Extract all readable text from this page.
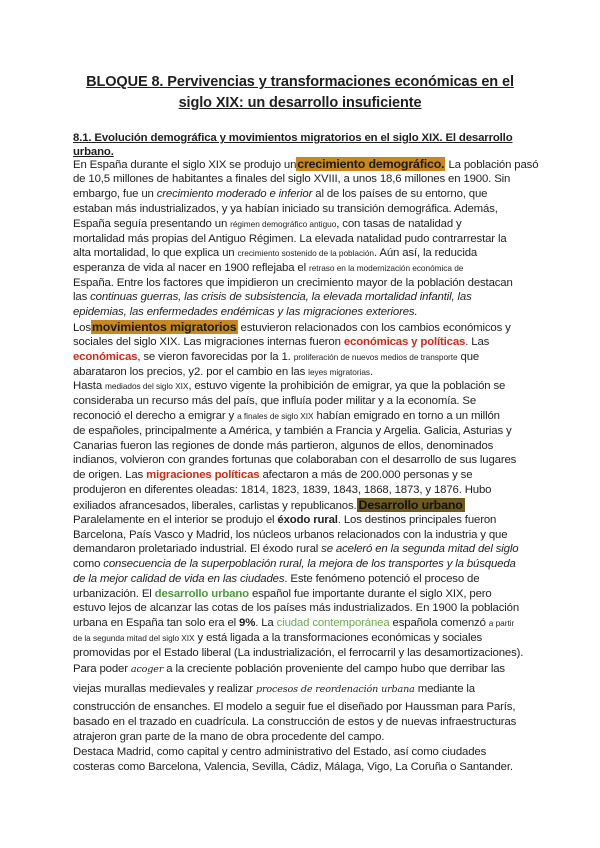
BLOQUE 8. Pervivencias y transformaciones económicas en el
siglo XIX: un desarrollo insuficiente
8.1. Evolución demográfica y movimientos migratorios en el siglo XIX. El desarrollo
urbano.
En España durante el siglo XIX se produjo uncrecimiento demográfico. La población pasó
de 10,5 millones de habitantes a finales del siglo XVIII, a unos 18,6 millones en 1900. Sin
embargo, fue un crecimiento moderado e inferior al de los países de su entorno, que
estaban más industrializados, y ya habían iniciado su transición demográfica. Además,
España seguía presentando un régimen demográfico antiguo, con tasas de natalidad y
mortalidad más propias del Antiguo Régimen. La elevada natalidad pudo contrarrestar la
alta mortalidad, lo que explica un crecimiento sostenido de la población. Aún así, la reducida
esperanza de vida al nacer en 1900 reflejaba el retraso en la modernización económica de
España. Entre los factores que impidieron un crecimiento mayor de la población destacan
las continuas guerras, las crisis de subsistencia, la elevada mortalidad infantil, las
epidemias, las enfermedades endémicas y las migraciones exteriores.
Losmovimientos migratorios estuvieron relacionados con los cambios económicos y
sociales del siglo XIX. Las migraciones internas fueron económicas y políticas. Las
económicas, se vieron favorecidas por la 1. proliferación de nuevos medios de transporte que
abarataron los precios, y2. por el cambio en las leyes migratorias.
Hasta mediados del siglo XIX, estuvo vigente la prohibición de emigrar, ya que la población se
consideraba un recurso más del país, que influía poder militar y a la economía. Se
reconoció el derecho a emigrar y a finales de siglo XIX habían emigrado en torno a un millón
de españoles, principalmente a América, y también a Francia y Argelia. Galicia, Asturias y
Canarias fueron las regiones de donde más partieron, algunos de ellos, denominados
indianos, volvieron con grandes fortunas que colaboraban con el desarrollo de sus lugares
de origen. Las migraciones políticas afectaron a más de 200.000 personas y se
produjeron en diferentes oleadas: 1814, 1823, 1839, 1843, 1868, 1873, y 1876. Hubo
exiliados afrancesados, liberales, carlistas y republicanos. Desarrollo urbano
Paralelamente en el interior se produjo el éxodo rural. Los destinos principales fueron
Barcelona, País Vasco y Madrid, los núcleos urbanos relacionados con la industria y que
demandaron proletariado industrial. El éxodo rural se aceleró en la segunda mitad del siglo
como consecuencia de la superpoblación rural, la mejora de los transportes y la búsqueda
de la mejor calidad de vida en las ciudades. Este fenómeno potenció el proceso de
urbanización. El desarrollo urbano español fue importante durante el siglo XIX, pero
estuvo lejos de alcanzar las cotas de los países más industrializados. En 1900 la población
urbana en España tan solo era el 9%. La ciudad contemporánea española comenzó a partir
de la segunda mitad del siglo XIX y está ligada a la transformaciones económicas y sociales
promovidas por el Estado liberal (La industrialización, el ferrocarril y las desamortizaciones).
Para poder acoger a la creciente población proveniente del campo hubo que derribar las
viejas murallas medievales y realizar procesos de reordenación urbana mediante la
construcción de ensanches. El modelo a seguir fue el diseñado por Haussman para París,
basado en el trazado en cuadrícula. La construcción de estos y de nuevas infraestructuras
atrajeron gran parte de la mano de obra procedente del campo.
Destaca Madrid, como capital y centro administrativo del Estado, así como ciudades
costeras como Barcelona, Valencia, Sevilla, Cádiz, Málaga, Vigo, La Coruña o Santander.
